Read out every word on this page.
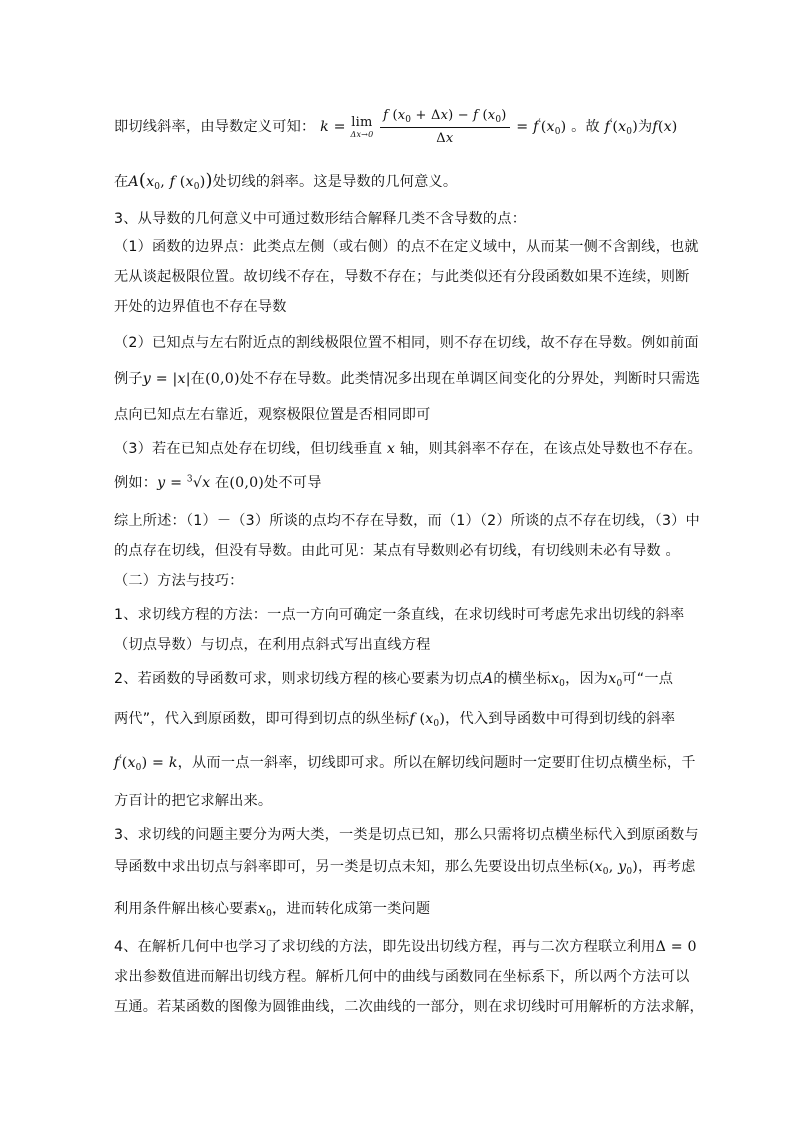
即切线斜率，由导数定义可知： k = lim
Δx→0
$\frac{f (x_0 + \Delta x) - f (x_0)}{\Delta x} = f'(x_0)$ 。故 $f'(x_0)$为f(x)
在$A(x_0$, f $(x_0)$)处切线的斜率。这是导数的几何意义。
3、从导数的几何意义中可通过数形结合解释几类不含导数的点：
（1）函数的边界点：此类点左侧（或右侧）的点不在定义域中，从而某一侧不含割线，也就
无从谈起极限位置。故切线不存在，导数不存在；与此类似还有分段函数如果不连续，则断
开处的边界值也不存在导数
（2）已知点与左右附近点的割线极限位置不相同，则不存在切线，故不存在导数。例如前面
例子y = |x|在(0,0)处不存在导数。此类情况多出现在单调区间变化的分界处，判断时只需选
点向已知点左右靠近，观察极限位置是否相同即可
（3）若在已知点处存在切线，但切线垂直 x 轴，则其斜率不存在，在该点处导数也不存在。
例如：y = $^3$√x 在(0,0)处不可导
综上所述：（1）－（3）所谈的点均不存在导数，而（1）（2）所谈的点不存在切线，（3）中
的点存在切线，但没有导数。由此可见：某点有导数则必有切线，有切线则未必有导数 。
（二）方法与技巧：
1、求切线方程的方法：一点一方向可确定一条直线，在求切线时可考虑先求出切线的斜率
（切点导数）与切点，在利用点斜式写出直线方程
2、若函数的导函数可求，则求切线方程的核心要素为切点A的横坐标$x_0$，因为$x_0$可“一点
两代”，代入到原函数，即可得到切点的纵坐标f $(x_0)$，代入到导函数中可得到切线的斜率
$f'(x_0) = k$，从而一点一斜率，切线即可求。所以在解切线问题时一定要盯住切点横坐标，千
方百计的把它求解出来。
3、求切线的问题主要分为两大类，一类是切点已知，那么只需将切点横坐标代入到原函数与
导函数中求出切点与斜率即可，另一类是切点未知，那么先要设出切点坐标($x_0$, $y_0$)，再考虑
利用条件解出核心要素$x_0$，进而转化成第一类问题
4、在解析几何中也学习了求切线的方法，即先设出切线方程，再与二次方程联立利用Δ = 0
求出参数值进而解出切线方程。解析几何中的曲线与函数同在坐标系下，所以两个方法可以
互通。若某函数的图像为圆锥曲线，二次曲线的一部分，则在求切线时可用解析的方法求解，
